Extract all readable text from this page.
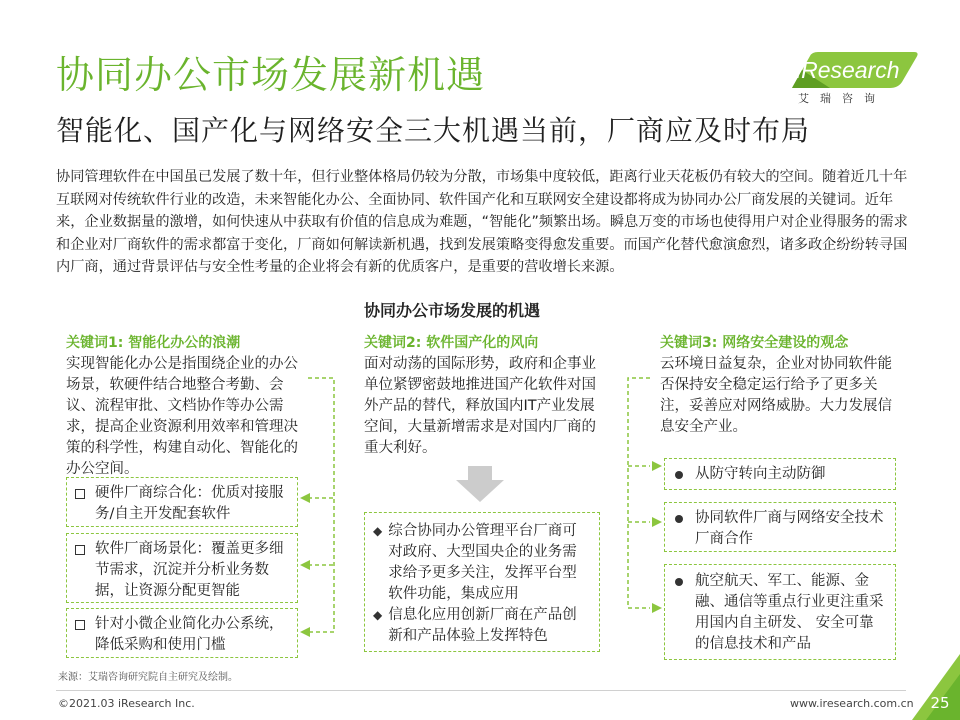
协同办公市场发展新机遇
智能化、国产化与网络安全三大机遇当前，厂商应及时布局
iResearch
艾瑞咨询

协同管理软件在中国虽已发展了数十年，但行业整体格局仍较为分散，市场集中度较低，距离行业天花板仍有较大的空间。随着近几十年互联网对传统软件行业的改造，未来智能化办公、全面协同、软件国产化和互联网安全建设都将成为协同办公厂商发展的关键词。近年来，企业数据量的激增，如何快速从中获取有价值的信息成为难题，“智能化”频繁出场。瞬息万变的市场也使得用户对企业得服务的需求和企业对厂商软件的需求都富于变化，厂商如何解读新机遇，找到发展策略变得愈发重要。而国产化替代愈演愈烈，诸多政企纷纷转寻国内厂商，通过背景评估与安全性考量的企业将会有新的优质客户，是重要的营收增长来源。

协同办公市场发展的机遇
关键词1: 智能化办公的浪潮
实现智能化办公是指围绕企业的办公场景，软硬件结合地整合考勤、会议、流程审批、文档协作等办公需求，提高企业资源利用效率和管理决策的科学性，构建自动化、智能化的办公空间。
硬件厂商综合化：优质对接服务/自主开发配套软件
软件厂商场景化：覆盖更多细节需求，沉淀并分析业务数据，让资源分配更智能
针对小微企业简化办公系统，降低采购和使用门槛
关键词2: 软件国产化的风向
面对动荡的国际形势，政府和企事业单位紧锣密鼓地推进国产化软件对国外产品的替代，释放国内IT产业发展空间，大量新增需求是对国内厂商的重大利好。
◆ 综合协同办公管理平台厂商可对政府、大型国央企的业务需求给予更多关注，发挥平台型软件功能，集成应用
◆ 信息化应用创新厂商在产品创新和产品体验上发挥特色
关键词3: 网络安全建设的观念
云环境日益复杂，企业对协同软件能否保持安全稳定运行给予了更多关注，妥善应对网络威胁。大力发展信息安全产业。
从防守转向主动防御
协同软件厂商与网络安全技术厂商合作
航空航天、军工、能源、金融、通信等重点行业更注重采用国内自主研发、 安全可靠的信息技术和产品
来源：艾瑞咨询研究院自主研究及绘制。
©2021.03 iResearch Inc.	www.iresearch.com.cn	25
